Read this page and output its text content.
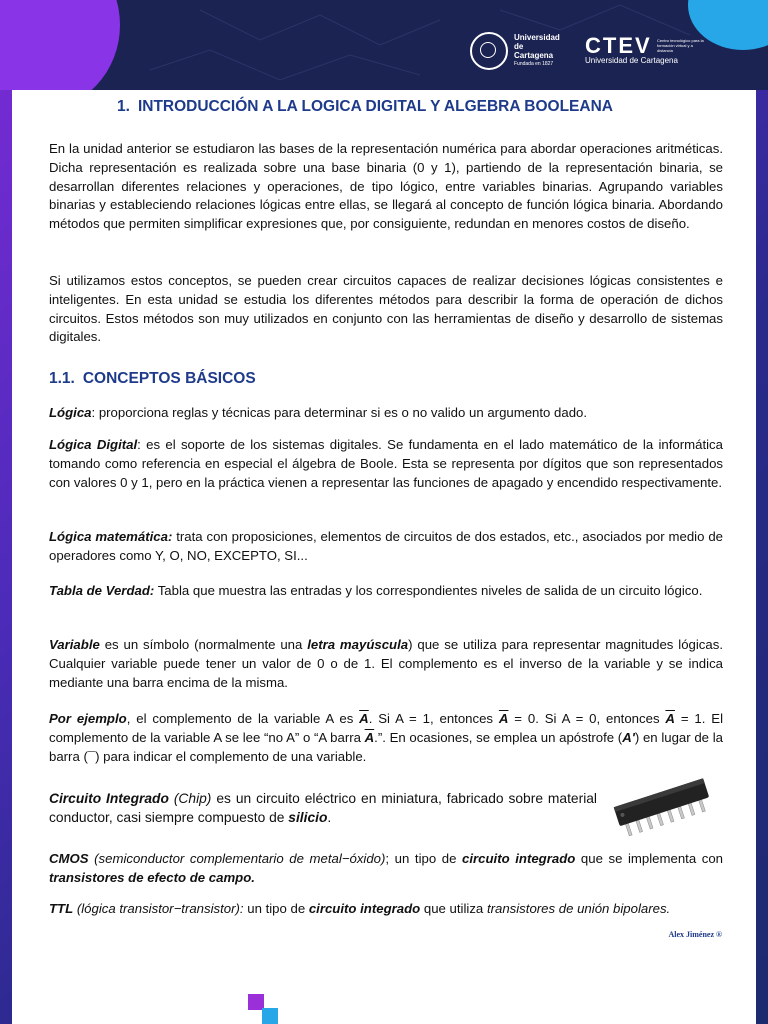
Universidad de Cartagena
Fundada en 1827
CTEV
Universidad de Cartagena
Centro tecnológico para la formación virtual y a distancia
1. INTRODUCCIÓN A LA LOGICA DIGITAL Y ALGEBRA BOOLEANA
En la unidad anterior se estudiaron las bases de la representación numérica para abordar operaciones aritméticas. Dicha representación es realizada sobre una base binaria (0 y 1), partiendo de la representación binaria, se desarrollan diferentes relaciones y operaciones, de tipo lógico, entre variables binarias. Agrupando variables binarias y estableciendo relaciones lógicas entre ellas, se llegará al concepto de función lógica binaria. Abordando métodos que permiten simplificar expresiones que, por consiguiente, redundan en menores costos de diseño.
Si utilizamos estos conceptos, se pueden crear circuitos capaces de realizar decisiones lógicas consistentes e inteligentes. En esta unidad se estudia los diferentes métodos para describir la forma de operación de dichos circuitos. Estos métodos son muy utilizados en conjunto con las herramientas de diseño y desarrollo de sistemas digitales.
1.1. CONCEPTOS BÁSICOS
Lógica: proporciona reglas y técnicas para determinar si es o no valido un argumento dado.
Lógica Digital: es el soporte de los sistemas digitales. Se fundamenta en el lado matemático de la informática tomando como referencia en especial el álgebra de Boole. Esta se representa por dígitos que son representados con valores 0 y 1, pero en la práctica vienen a representar las funciones de apagado y encendido respectivamente.
Lógica matemática: trata con proposiciones, elementos de circuitos de dos estados, etc., asociados por medio de operadores como Y, O, NO, EXCEPTO, SI...
Tabla de Verdad: Tabla que muestra las entradas y los correspondientes niveles de salida de un circuito lógico.
Variable es un símbolo (normalmente una letra mayúscula) que se utiliza para representar magnitudes lógicas. Cualquier variable puede tener un valor de 0 o de 1. El complemento es el inverso de la variable y se indica mediante una barra encima de la misma.
Por ejemplo, el complemento de la variable A es $\overline{A}$. Si A = 1, entonces $\overline{A} = 0$. Si A = 0, entonces $\overline{A} = 1$. El complemento de la variable A se lee “no A” o “A barra $\overline{A}$.”. En ocasiones, se emplea un apóstrofe (A') en lugar de la barra (¯) para indicar el complemento de una variable.
Circuito Integrado (Chip) es un circuito eléctrico en miniatura, fabricado sobre material conductor, casi siempre compuesto de silicio.
CMOS (semiconductor complementario de metal−óxido); un tipo de circuito integrado que se implementa con transistores de efecto de campo.
TTL (lógica transistor−transistor): un tipo de circuito integrado que utiliza transistores de unión bipolares.
Alex Jiménez ®
